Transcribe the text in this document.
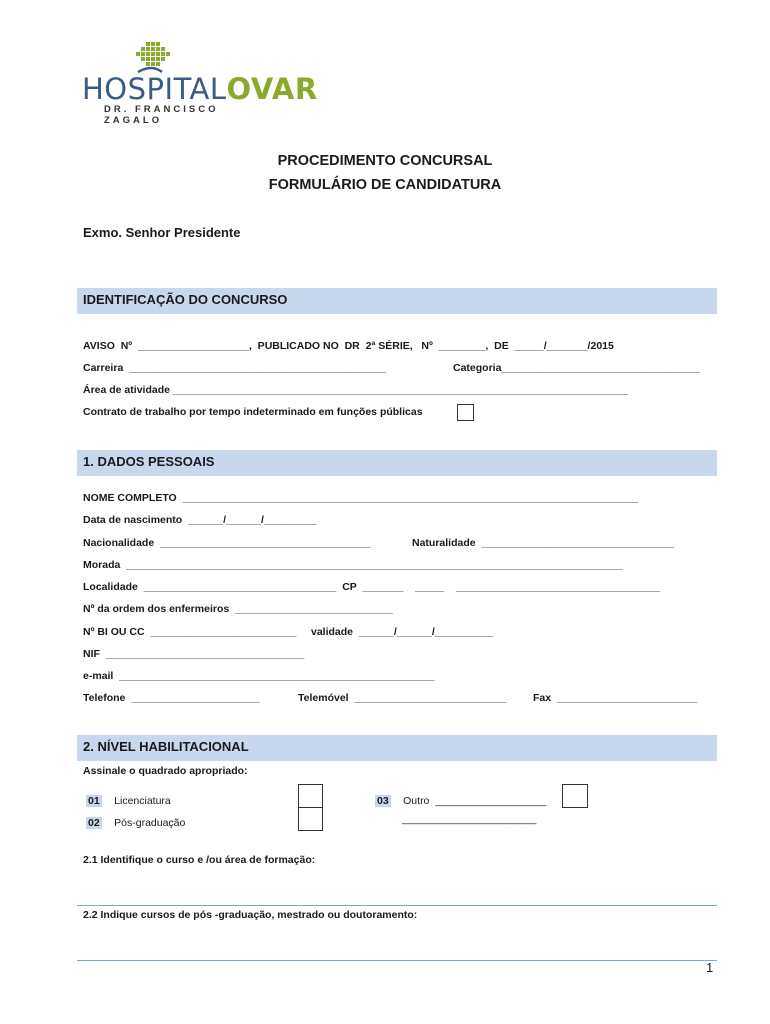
HOSPITALOVAR
DR. FRANCISCO ZAGALO
PROCEDIMENTO CONCURSAL
FORMULÁRIO DE CANDIDATURA
Exmo. Senhor Presidente
IDENTIFICAÇÃO DO CONCURSO
AVISO  Nº  ___________________,  PUBLICADO NO  DR  2ª SÉRIE,   Nº  ________,  DE  _____/_______/2015
Carreira  ____________________________________________	Categoria__________________________________
Área de atividade ______________________________________________________________________________
Contrato de trabalho por tempo indeterminado em funções públicas
1. DADOS PESSOAIS
NOME COMPLETO  ______________________________________________________________________________
Data de nascimento  ______/______/_________
Nacionalidade  ____________________________________	Naturalidade  _________________________________
Morada  _____________________________________________________________________________________
Localidade  _________________________________  CP  _______    _____    ___________________________________
Nº da ordem dos enfermeiros  ___________________________
Nº BI OU CC  _________________________     validade  ______/______/__________
NIF  __________________________________
e-mail  ______________________________________________________
Telefone  ______________________	Telemóvel  __________________________	Fax  ________________________
2. NÍVEL HABILITACIONAL
Assinale o quadrado apropriado:
01 Licenciatura
02 Pós-graduação
03 Outro  ___________________
_______________________
2.1 Identifique o curso e /ou área de formação:
2.2 Indique cursos de pós -graduação, mestrado ou doutoramento:
1
